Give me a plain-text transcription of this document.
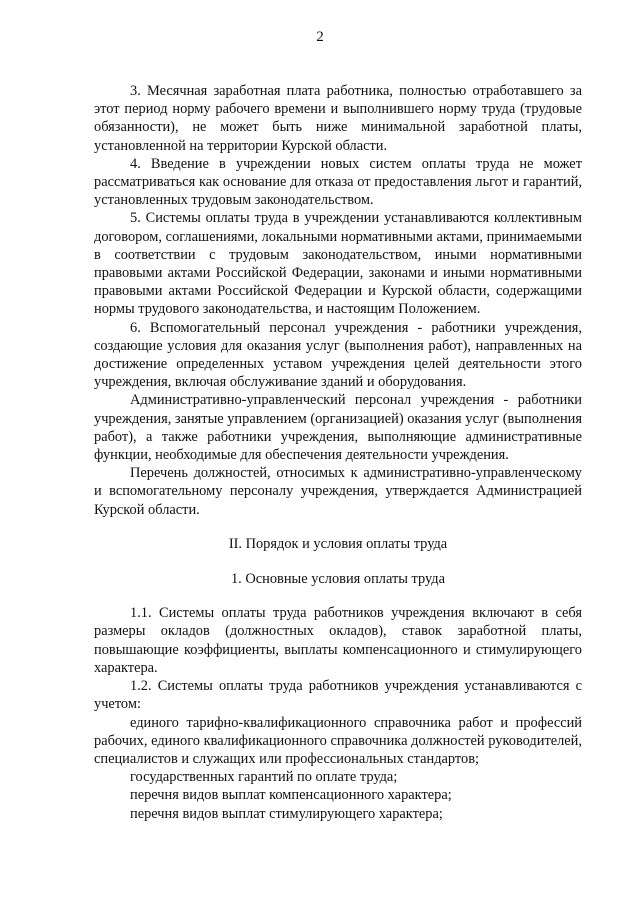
2

3. Месячная заработная плата работника, полностью отработавшего за этот период норму рабочего времени и выполнившего норму труда (трудовые обязанности), не может быть ниже минимальной заработной платы, установленной на территории Курской области.

4. Введение в учреждении новых систем оплаты труда не может рассматриваться как основание для отказа от предоставления льгот и гарантий, установленных трудовым законодательством.

5. Системы оплаты труда в учреждении устанавливаются коллективным договором, соглашениями, локальными нормативными актами, принимаемыми в соответствии с трудовым законодательством, иными нормативными правовыми актами Российской Федерации, законами и иными нормативными правовыми актами Российской Федерации и Курской области, содержащими нормы трудового законодательства, и настоящим Положением.

6. Вспомогательный персонал учреждения - работники учреждения, создающие условия для оказания услуг (выполнения работ), направленных на достижение определенных уставом учреждения целей деятельности этого учреждения, включая обслуживание зданий и оборудования.

Административно-управленческий персонал учреждения - работники учреждения, занятые управлением (организацией) оказания услуг (выполнения работ), а также работники учреждения, выполняющие административные функции, необходимые для обеспечения деятельности учреждения.

Перечень должностей, относимых к административно-управленческому и вспомогательному персоналу учреждения, утверждается Администрацией Курской области.

II. Порядок и условия оплаты труда

1. Основные условия оплаты труда

1.1. Системы оплаты труда работников учреждения включают в себя размеры окладов (должностных окладов), ставок заработной платы, повышающие коэффициенты, выплаты компенсационного и стимулирующего характера.

1.2. Системы оплаты труда работников учреждения устанавливаются с учетом:

единого тарифно-квалификационного справочника работ и профессий рабочих, единого квалификационного справочника должностей руководителей, специалистов и служащих или профессиональных стандартов;

государственных гарантий по оплате труда;

перечня видов выплат компенсационного характера;

перечня видов выплат стимулирующего характера;
